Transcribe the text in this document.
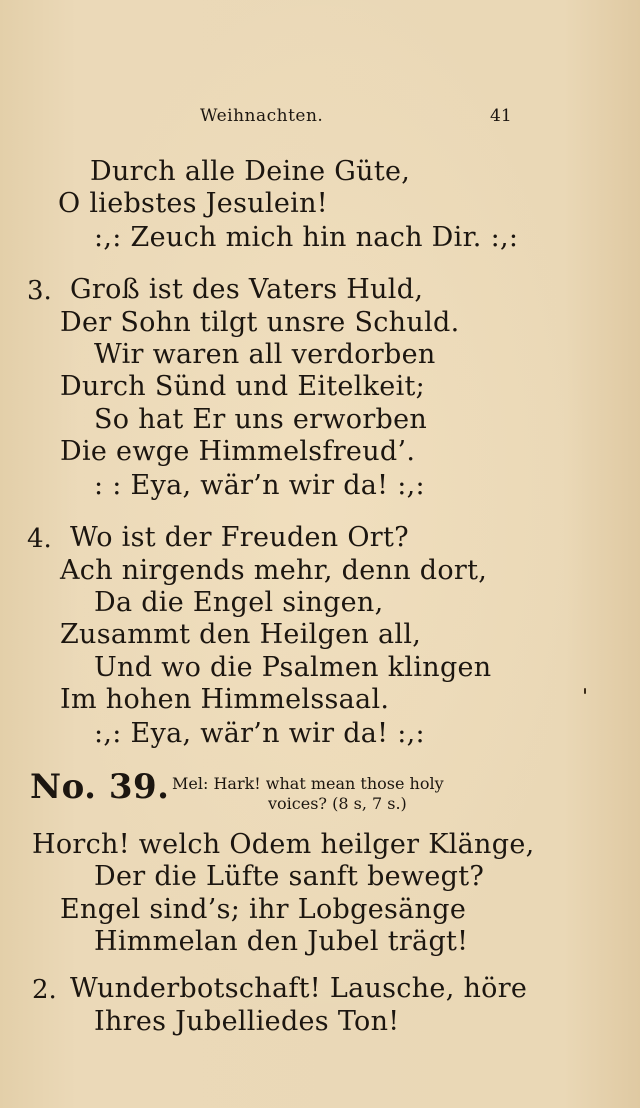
Weihnachten.	41
Durch alle Deine Güte,
O liebstes Jesulein!
:,: Zeuch mich hin nach Dir. :,:
3. Groß ist des Vaters Huld,
Der Sohn tilgt unsre Schuld.
Wir waren all verdorben
Durch Sünd und Eitelkeit;
So hat Er uns erworben
Die ewge Himmelsfreud’.
: : Eya, wär’n wir da! :,:
4. Wo ist der Freuden Ort?
Ach nirgends mehr, denn dort,
Da die Engel singen,
Zusammt den Heilgen all,
Und wo die Psalmen klingen
Im hohen Himmelssaal.
:,: Eya, wär’n wir da! :,:
No. 39. Mel: Hark! what mean those holy
voices? (8 s, 7 s.)
Horch! welch Odem heilger Klänge,
Der die Lüfte sanft bewegt?
Engel sind’s; ihr Lobgesänge
Himmelan den Jubel trägt!
2. Wunderbotschaft! Lausche, höre
Ihres Jubelliedes Ton!
